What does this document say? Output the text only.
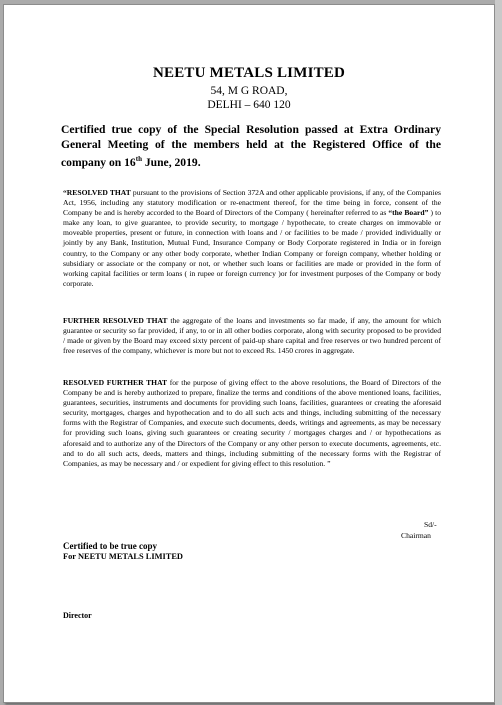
NEETU METALS LIMITED
54, M G ROAD,
DELHI – 640 120
Certified true copy of the Special Resolution passed at Extra Ordinary General Meeting of the members held at the Registered Office of the company on 16th June, 2019.
“RESOLVED THAT pursuant to the provisions of Section 372A and other applicable provisions, if any, of the Companies Act, 1956, including any statutory modification or re-enactment thereof, for the time being in force, consent of the Company be and is hereby accorded to the Board of Directors of the Company ( hereinafter referred to as “the Board” ) to make any loan, to give guarantee, to provide security, to mortgage / hypothecate, to create charges on immovable or moveable properties, present or future, in connection with loans and / or facilities to be made / provided individually or jointly by any Bank, Institution, Mutual Fund, Insurance Company or Body Corporate registered in India or in foreign country, to the Company or any other body corporate, whether Indian Company or foreign company, whether holding or subsidiary or associate or the company or not, or whether such loans or facilities are made or provided in the form of working capital facilities or term loans ( in rupee or foreign currency )or for investment purposes of the Company or body corporate.
FURTHER RESOLVED THAT the aggregate of the loans and investments so far made, if any, the amount for which guarantee or security so far provided, if any, to or in all other bodies corporate, along with security proposed to be provided / made or given by the Board may exceed sixty percent of paid-up share capital and free reserves or two hundred percent of free reserves of the company, whichever is more but not to exceed Rs. 1450 crores in aggregate.
RESOLVED FURTHER THAT for the purpose of giving effect to the above resolutions, the Board of Directors of the Company be and is hereby authorized to prepare, finalize the terms and conditions of the above mentioned loans, facilities, guarantees, securities, instruments and documents for providing such loans, facilities, guarantees or creating the aforesaid security, mortgages, charges and hypothecation and to do all such acts and things, including submitting of the necessary forms with the Registrar of Companies, and execute such documents, deeds, writings and agreements, as may be necessary for providing such loans, giving such guarantees or creating security / mortgages charges and / or hypothecations as aforesaid and to authorize any of the Directors of the Company or any other person to execute documents, agreements, etc. and to do all such acts, deeds, matters and things, including submitting of the necessary forms with the Registrar of Companies, as may be necessary and / or expedient for giving effect to this resolution. ”
Sd/-
Chairman
Certified to be true copy
For NEETU METALS LIMITED
Director
